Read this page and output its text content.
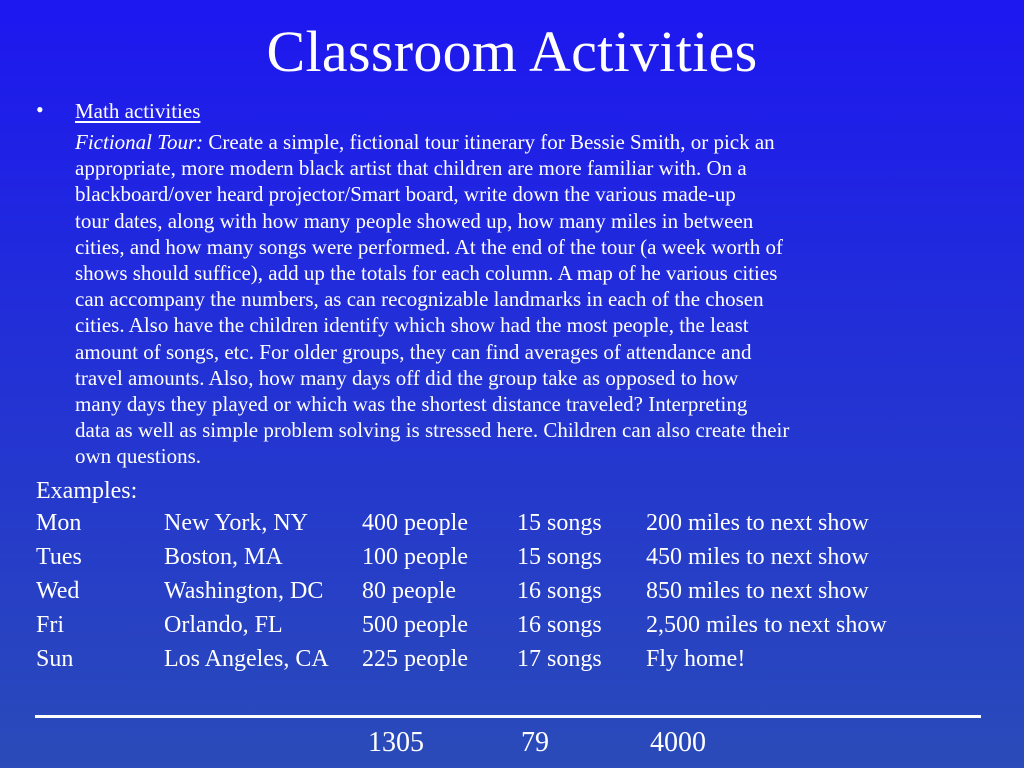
Classroom Activities
• Math activities
Fictional Tour: Create a simple, fictional tour itinerary for Bessie Smith, or pick an
appropriate, more modern black artist that children are more familiar with. On a
blackboard/over heard projector/Smart board, write down the various made-up
tour dates, along with how many people showed up, how many miles in between
cities, and how many songs were performed. At the end of the tour (a week worth of
shows should suffice), add up the totals for each column. A map of he various cities
can accompany the numbers, as can recognizable landmarks in each of the chosen
cities. Also have the children identify which show had the most people, the least
amount of songs, etc. For older groups, they can find averages of attendance and
travel amounts. Also, how many days off did the group take as opposed to how
many days they played or which was the shortest distance traveled? Interpreting
data as well as simple problem solving is stressed here. Children can also create their
own questions.
Examples:
Mon	New York, NY 400 people 15 songs 200 miles to next show
Tues	Boston, MA	100 people 15 songs 450 miles to next show
Wed	Washington, DC 80 people	16 songs 850 miles to next show
Fri	Orlando, FL	500 people 16 songs 2,500 miles to next show
Sun	Los Angeles, CA 225 people 17 songs Fly home!
1305	79	4000
